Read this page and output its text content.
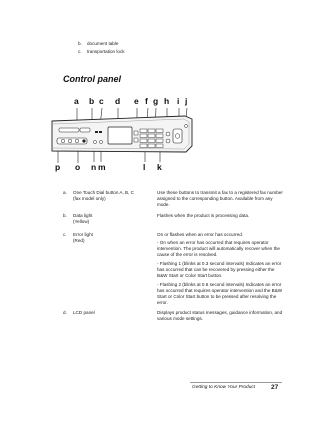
b. document table
c. transportation lock
Control panel
a b c d e f g h i j
p o n m	l k
a. One Touch Dial button A, B, C
(fax model only)
Use these buttons to transmit a fax to a registered fax number assigned to the corresponding button. Available from any mode.
b. Data light
(Yellow)
Flashes when the product is processing data.
c. Error light
(Red)
On or flashes when an error has occurred.
- On when an error has occurred that requires operator intervention. The product will automatically recover when the cause of the error is resolved.
- Flashing 1 (blinks at 0.3 second intervals) Indicates an error has occurred that can be recovered by pressing either the B&W Start or Color Start button.
- Flashing 2 (blinks at 0.6 second intervals) Indicates an error has occurred that requires operator intervention and the B&W Start or Color Start button to be pressed after resolving the error.
d. LCD panel	Displays product status messages, guidance information, and various mode settings.
Getting to Know Your Product 27
